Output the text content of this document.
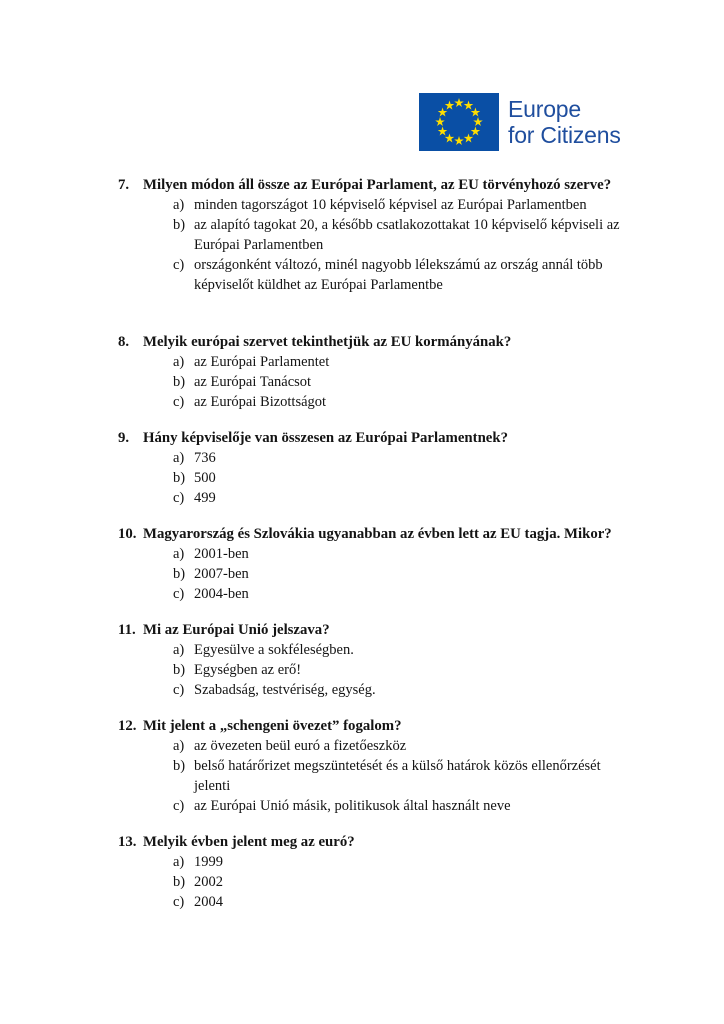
Europe
for Citizens
7. Milyen módon áll össze az Európai Parlament, az EU törvényhozó szerve?
a) minden tagországot 10 képviselő képvisel az Európai Parlamentben
b) az alapító tagokat 20, a később csatlakozottakat 10 képviselő képviseli az
Európai Parlamentben
c) országonként változó, minél nagyobb lélekszámú az ország annál több
képviselőt küldhet az Európai Parlamentbe
8. Melyik európai szervet tekinthetjük az EU kormányának?
a) az Európai Parlamentet
b) az Európai Tanácsot
c) az Európai Bizottságot
9. Hány képviselője van összesen az Európai Parlamentnek?
a) 736
b) 500
c) 499
10. Magyarország és Szlovákia ugyanabban az évben lett az EU tagja. Mikor?
a) 2001-ben
b) 2007-ben
c) 2004-ben
11. Mi az Európai Unió jelszava?
a) Egyesülve a sokféleségben.
b) Egységben az erő!
c) Szabadság, testvériség, egység.
12. Mit jelent a „schengeni övezet” fogalom?
a) az övezeten beül euró a fizetőeszköz
b) belső határőrizet megszüntetését és a külső határok közös ellenőrzését
jelenti
c) az Európai Unió másik, politikusok által használt neve
13. Melyik évben jelent meg az euró?
a) 1999
b) 2002
c) 2004
